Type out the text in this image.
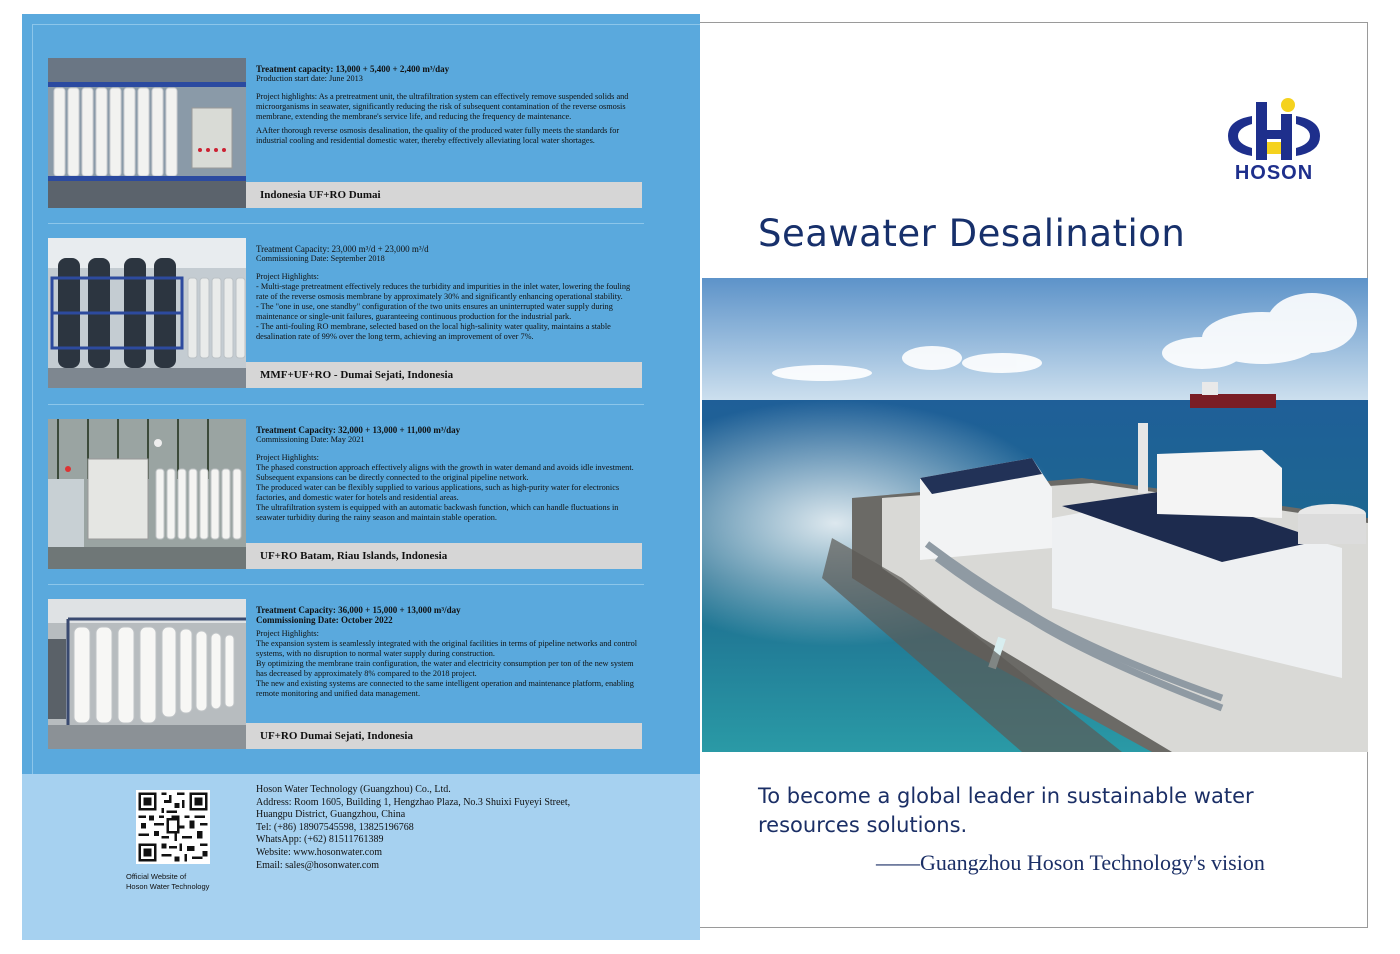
Treatment capacity: 13,000 + 5,400 + 2,400 m³/day

Production start date: June 2013

Project highlights: As a pretreatment unit, the ultrafiltration system can effectively remove suspended solids and microorganisms in seawater, significantly reducing the risk of subsequent contamination of the reverse osmosis membrane, extending the membrane's service life, and reducing the frequency de maintenance.

AAfter thorough reverse osmosis desalination, the quality of the produced water fully meets the standards for industrial cooling and residential domestic water, thereby effectively alleviating local water shortages.

Indonesia UF+RO Dumai

Treatment Capacity: 23,000 m³/d + 23,000 m³/d

Commissioning Date: September 2018

Project Highlights:

- Multi-stage pretreatment effectively reduces the turbidity and impurities in the inlet water, lowering the fouling rate of the reverse osmosis membrane by approximately 30% and significantly enhancing operational stability.

- The "one in use, one standby" configuration of the two units ensures an uninterrupted water supply during maintenance or single-unit failures, guaranteeing continuous production for the industrial park.

- The anti-fouling RO membrane, selected based on the local high-salinity water quality, maintains a stable desalination rate of 99% over the long term, achieving an improvement of over 7%.

MMF+UF+RO - Dumai Sejati, Indonesia

Treatment Capacity: 32,000 + 13,000 + 11,000 m³/day

Commissioning Date: May 2021

Project Highlights:

The phased construction approach effectively aligns with the growth in water demand and avoids idle investment. Subsequent expansions can be directly connected to the original pipeline network.

The produced water can be flexibly supplied to various applications, such as high-purity water for electronics factories, and domestic water for hotels and residential areas.

The ultrafiltration system is equipped with an automatic backwash function, which can handle fluctuations in seawater turbidity during the rainy season and maintain stable operation.

UF+RO Batam, Riau Islands, Indonesia

Treatment Capacity: 36,000 + 15,000 + 13,000 m³/day

Commissioning Date: October 2022

Project Highlights:

The expansion system is seamlessly integrated with the original facilities in terms of pipeline networks and control systems, with no disruption to normal water supply during construction.

By optimizing the membrane train configuration, the water and electricity consumption per ton of the new system has decreased by approximately 8% compared to the 2018 project.

The new and existing systems are connected to the same intelligent operation and maintenance platform, enabling remote monitoring and unified data management.

UF+RO Dumai Sejati, Indonesia
Official Website of
Hoson Water Technology
Hoson Water Technology (Guangzhou) Co., Ltd.
Address: Room 1605, Building 1, Hengzhao Plaza, No.3 Shuixi Fuyeyi Street,
Huangpu District, Guangzhou, China
Tel: (+86) 18907545598, 13825196768
WhatsApp: (+62) 81511761389
Website: www.hosonwater.com
Email: sales@hosonwater.com
HOSON
Seawater Desalination
To become a global leader in sustainable water resources solutions.
——Guangzhou Hoson Technology's vision
